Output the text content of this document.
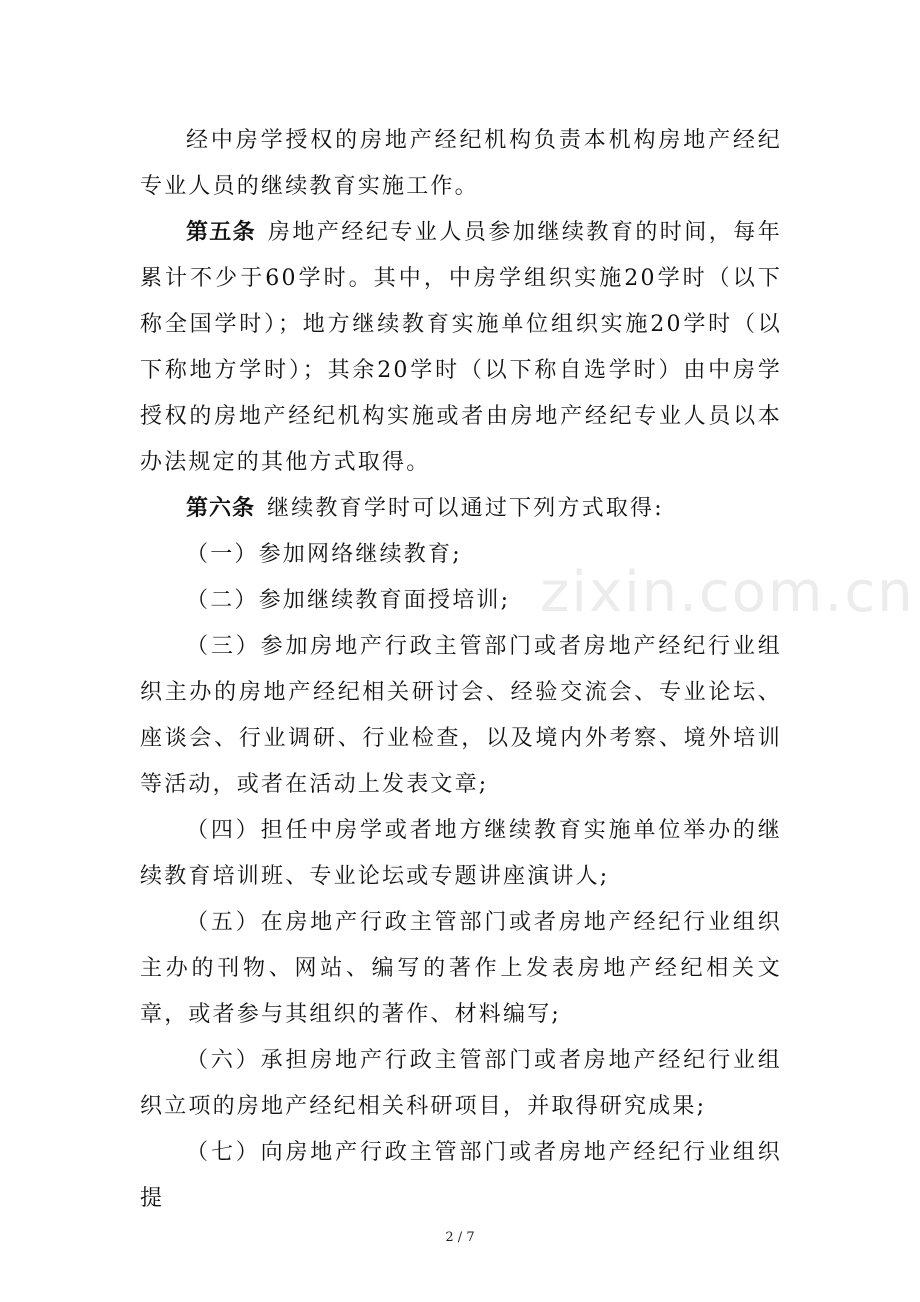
zixin.com.cn

经中房学授权的房地产经纪机构负责本机构房地产经纪专业人员的继续教育实施工作。

第五条 房地产经纪专业人员参加继续教育的时间，每年累计不少于60学时。其中，中房学组织实施20学时（以下称全国学时）；地方继续教育实施单位组织实施20学时（以下称地方学时）；其余20学时（以下称自选学时）由中房学授权的房地产经纪机构实施或者由房地产经纪专业人员以本办法规定的其他方式取得。

第六条 继续教育学时可以通过下列方式取得:

（一）参加网络继续教育;

（二）参加继续教育面授培训;

（三）参加房地产行政主管部门或者房地产经纪行业组织主办的房地产经纪相关研讨会、经验交流会、专业论坛、座谈会、行业调研、行业检查，以及境内外考察、境外培训等活动，或者在活动上发表文章;

（四）担任中房学或者地方继续教育实施单位举办的继续教育培训班、专业论坛或专题讲座演讲人;

（五）在房地产行政主管部门或者房地产经纪行业组织主办的刊物、网站、编写的著作上发表房地产经纪相关文章，或者参与其组织的著作、材料编写;

（六）承担房地产行政主管部门或者房地产经纪行业组织立项的房地产经纪相关科研项目，并取得研究成果;

（七）向房地产行政主管部门或者房地产经纪行业组织提

2 / 7
